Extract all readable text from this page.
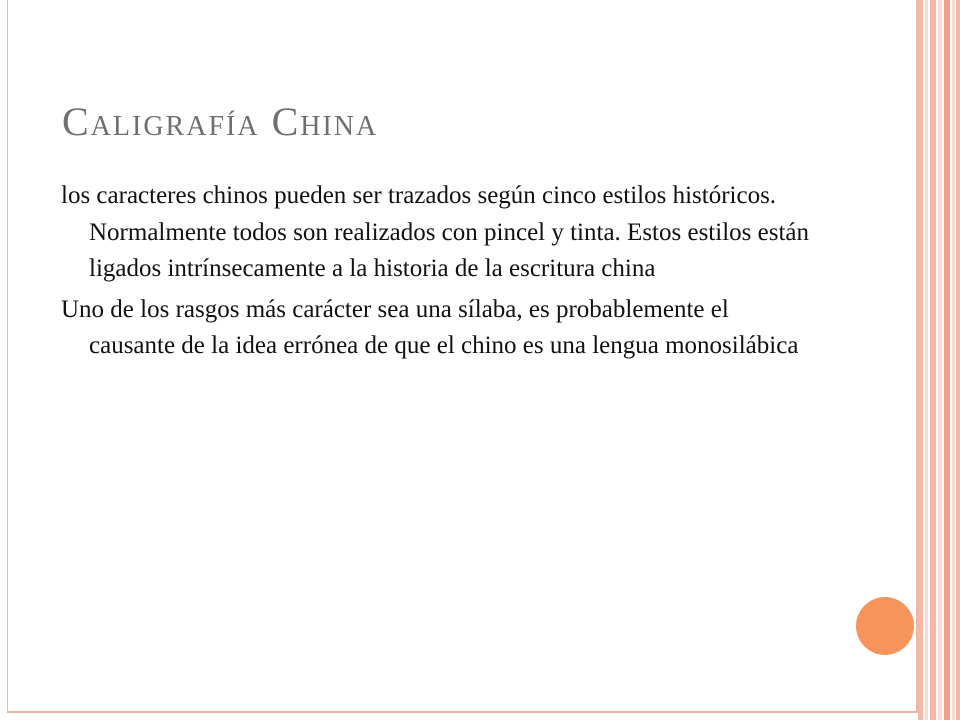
Caligrafía China

los caracteres chinos pueden ser trazados según cinco estilos históricos. Normalmente todos son realizados con pincel y tinta. Estos estilos están ligados intrínsecamente a la historia de la escritura china

Uno de los rasgos más carácter sea una sílaba, es probablemente el causante de la idea errónea de que el chino es una lengua monosilábica
